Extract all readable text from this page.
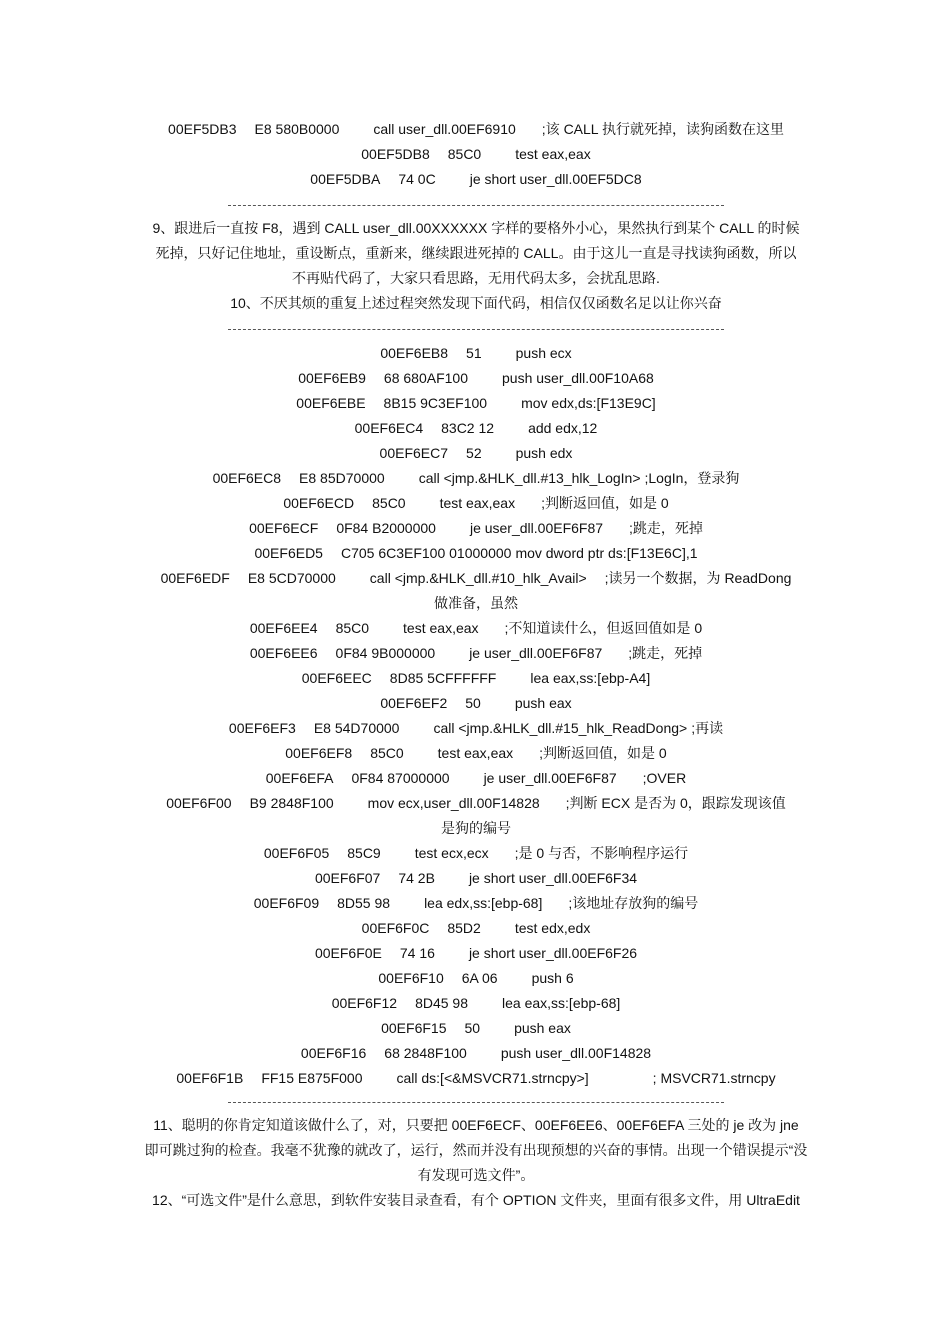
00EF5DB3 E8 580B0000 call user_dll.00EF6910 ;该 CALL 执行就死掉，读狗函数在这里
00EF5DB8 85C0 test eax,eax
00EF5DBA 74 0C je short user_dll.00EF5DC8
9、跟进后一直按 F8，遇到 CALL user_dll.00XXXXXX 字样的要格外小心，果然执行到某个 CALL 的时候
死掉，只好记住地址，重设断点，重新来，继续跟进死掉的 CALL。由于这儿一直是寻找读狗函数，所以
不再贴代码了，大家只看思路，无用代码太多，会扰乱思路.
10、不厌其烦的重复上述过程突然发现下面代码，相信仅仅函数名足以让你兴奋
00EF6EB8 51 push ecx
00EF6EB9 68 680AF100 push user_dll.00F10A68
00EF6EBE 8B15 9C3EF100 mov edx,ds:[F13E9C]
00EF6EC4 83C2 12 add edx,12
00EF6EC7 52 push edx
00EF6EC8 E8 85D70000 call <jmp.&HLK_dll.#13_hlk_LogIn> ;LogIn，登录狗
00EF6ECD 85C0 test eax,eax ;判断返回值，如是 0
00EF6ECF 0F84 B2000000 je user_dll.00EF6F87 ;跳走，死掉
00EF6ED5 C705 6C3EF100 01000000 mov dword ptr ds:[F13E6C],1
00EF6EDF E8 5CD70000 call <jmp.&HLK_dll.#10_hlk_Avail> ;读另一个数据，为 ReadDong
做准备，虽然
00EF6EE4 85C0 test eax,eax ;不知道读什么，但返回值如是 0
00EF6EE6 0F84 9B000000 je user_dll.00EF6F87 ;跳走，死掉
00EF6EEC 8D85 5CFFFFFF lea eax,ss:[ebp-A4]
00EF6EF2 50 push eax
00EF6EF3 E8 54D70000 call <jmp.&HLK_dll.#15_hlk_ReadDong> ;再读
00EF6EF8 85C0 test eax,eax ;判断返回值，如是 0
00EF6EFA 0F84 87000000 je user_dll.00EF6F87 ;OVER
00EF6F00 B9 2848F100 mov ecx,user_dll.00F14828 ;判断 ECX 是否为 0，跟踪发现该值
是狗的编号
00EF6F05 85C9 test ecx,ecx ;是 0 与否，不影响程序运行
00EF6F07 74 2B je short user_dll.00EF6F34
00EF6F09 8D55 98 lea edx,ss:[ebp-68] ;该地址存放狗的编号
00EF6F0C 85D2 test edx,edx
00EF6F0E 74 16 je short user_dll.00EF6F26
00EF6F10 6A 06 push 6
00EF6F12 8D45 98 lea eax,ss:[ebp-68]
00EF6F15 50 push eax
00EF6F16 68 2848F100 push user_dll.00F14828
00EF6F1B FF15 E875F000 call ds:[<&MSVCR71.strncpy>]	; MSVCR71.strncpy
11、聪明的你肯定知道该做什么了，对，只要把 00EF6ECF、00EF6EE6、00EF6EFA 三处的 je 改为 jne
即可跳过狗的检查。我毫不犹豫的就改了，运行，然而并没有出现预想的兴奋的事情。出现一个错误提示“没
有发现可选文件”。
12、“可选文件”是什么意思，到软件安装目录查看，有个 OPTION 文件夹，里面有很多文件，用 UltraEdit
